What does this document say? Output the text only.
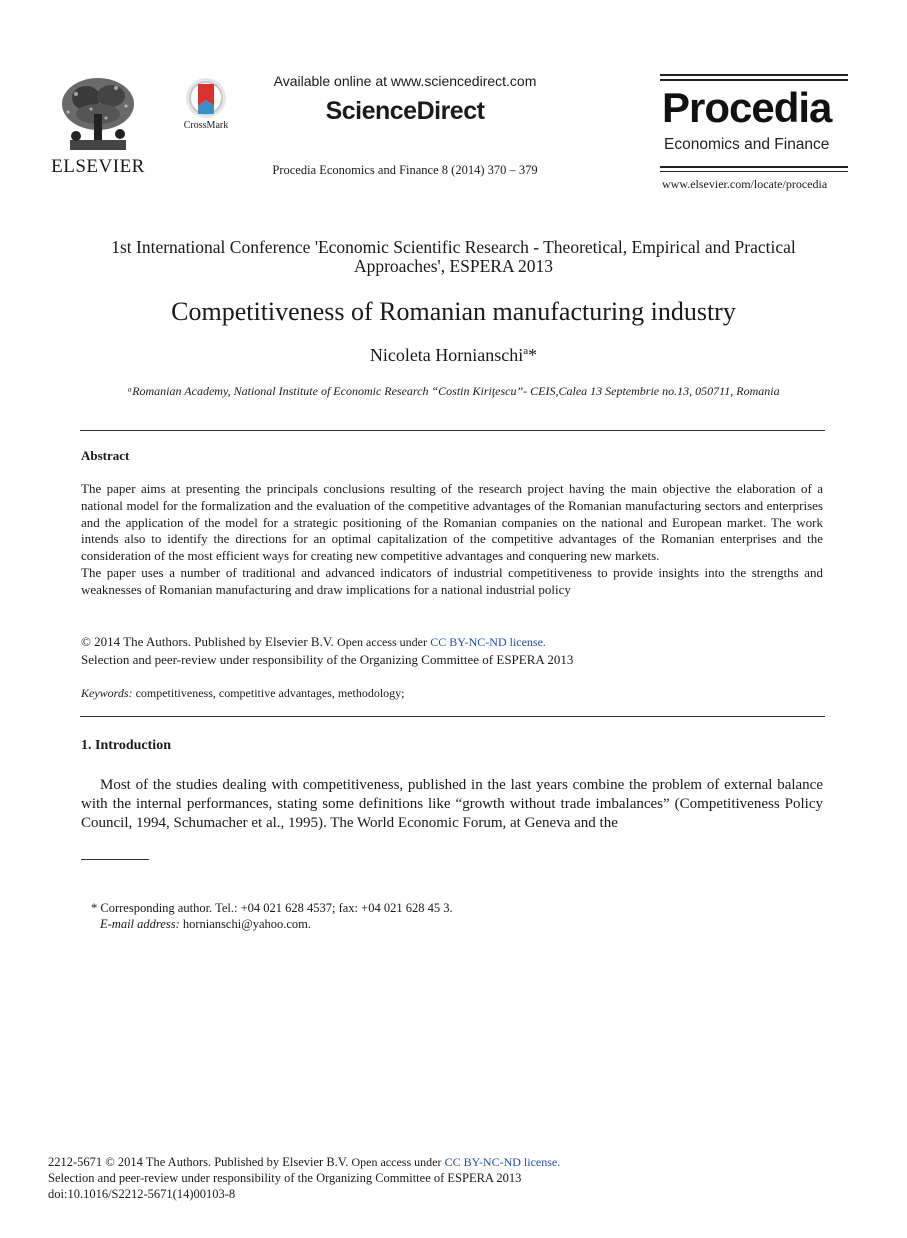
ELSEVIER
CrossMark
Available online at www.sciencedirect.com
ScienceDirect
Procedia Economics and Finance 8 (2014) 370 – 379
Procedia
Economics and Finance
www.elsevier.com/locate/procedia
1st International Conference 'Economic Scientific Research - Theoretical, Empirical and Practical
Approaches', ESPERA 2013
Competitiveness of Romanian manufacturing industry
Nicoleta Hornianschi$^a$*
ᵃRomanian Academy, National Institute of Economic Research “Costin Kiriţescu”- CEIS,Calea 13 Septembrie no.13, 050711, Romania
Abstract

The paper aims at presenting the principals conclusions resulting of the research project having the main objective the elaboration of a national model for the formalization and the evaluation of the competitive advantages of the Romanian manufacturing sectors and enterprises and the application of the model for a strategic positioning of the Romanian companies on the national and European market. The work intends also to identify the directions for an optimal capitalization of the competitive advantages of the Romanian enterprises and the consideration of the most efficient ways for creating new competitive advantages and conquering new markets.

The paper uses a number of traditional and advanced indicators of industrial competitiveness to provide insights into the strengths and weaknesses of Romanian manufacturing and draw implications for a national industrial policy

© 2014 The Authors. Published by Elsevier B.V. Open access under CC BY-NC-ND license.
Selection and peer-review under responsibility of the Organizing Committee of ESPERA 2013
Keywords: competitiveness, competitive advantages, methodology;
1. Introduction
Most of the studies dealing with competitiveness, published in the last years combine the problem of external balance with the internal performances, stating some definitions like “growth without trade imbalances” (Competitiveness Policy Council, 1994, Schumacher et al., 1995). The World Economic Forum, at Geneva and the
* Corresponding author. Tel.: +04 021 628 4537; fax: +04 021 628 45 3.
E-mail address: hornianschi@yahoo.com.
2212-5671 © 2014 The Authors. Published by Elsevier B.V. Open access under CC BY-NC-ND license.
Selection and peer-review under responsibility of the Organizing Committee of ESPERA 2013
doi:10.1016/S2212-5671(14)00103-8
